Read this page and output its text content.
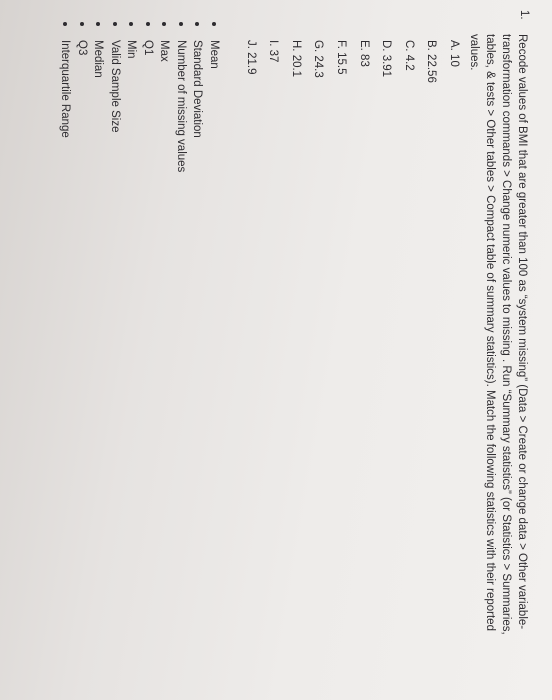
1.

Recode values of BMI that are greater than 100 as “system missing” (Data > Create or change data > Other variable-transformation commands > Change numeric values to missing . Run “Summary statistics” (or Statistics > Summaries, tables, & tests > Other tables > Compact table of summary statistics). Match the following statistics with their reported values.

A. 10
B. 22.56
C. 4.2
D. 3.91
E. 83
F. 15.5
G. 24.3
H. 20.1
I. 37
J. 21.9
Mean
Standard Deviation
Number of missing values
Max
Q1
Min
Valid Sample Size
Median
Q3
Interquartile Range
